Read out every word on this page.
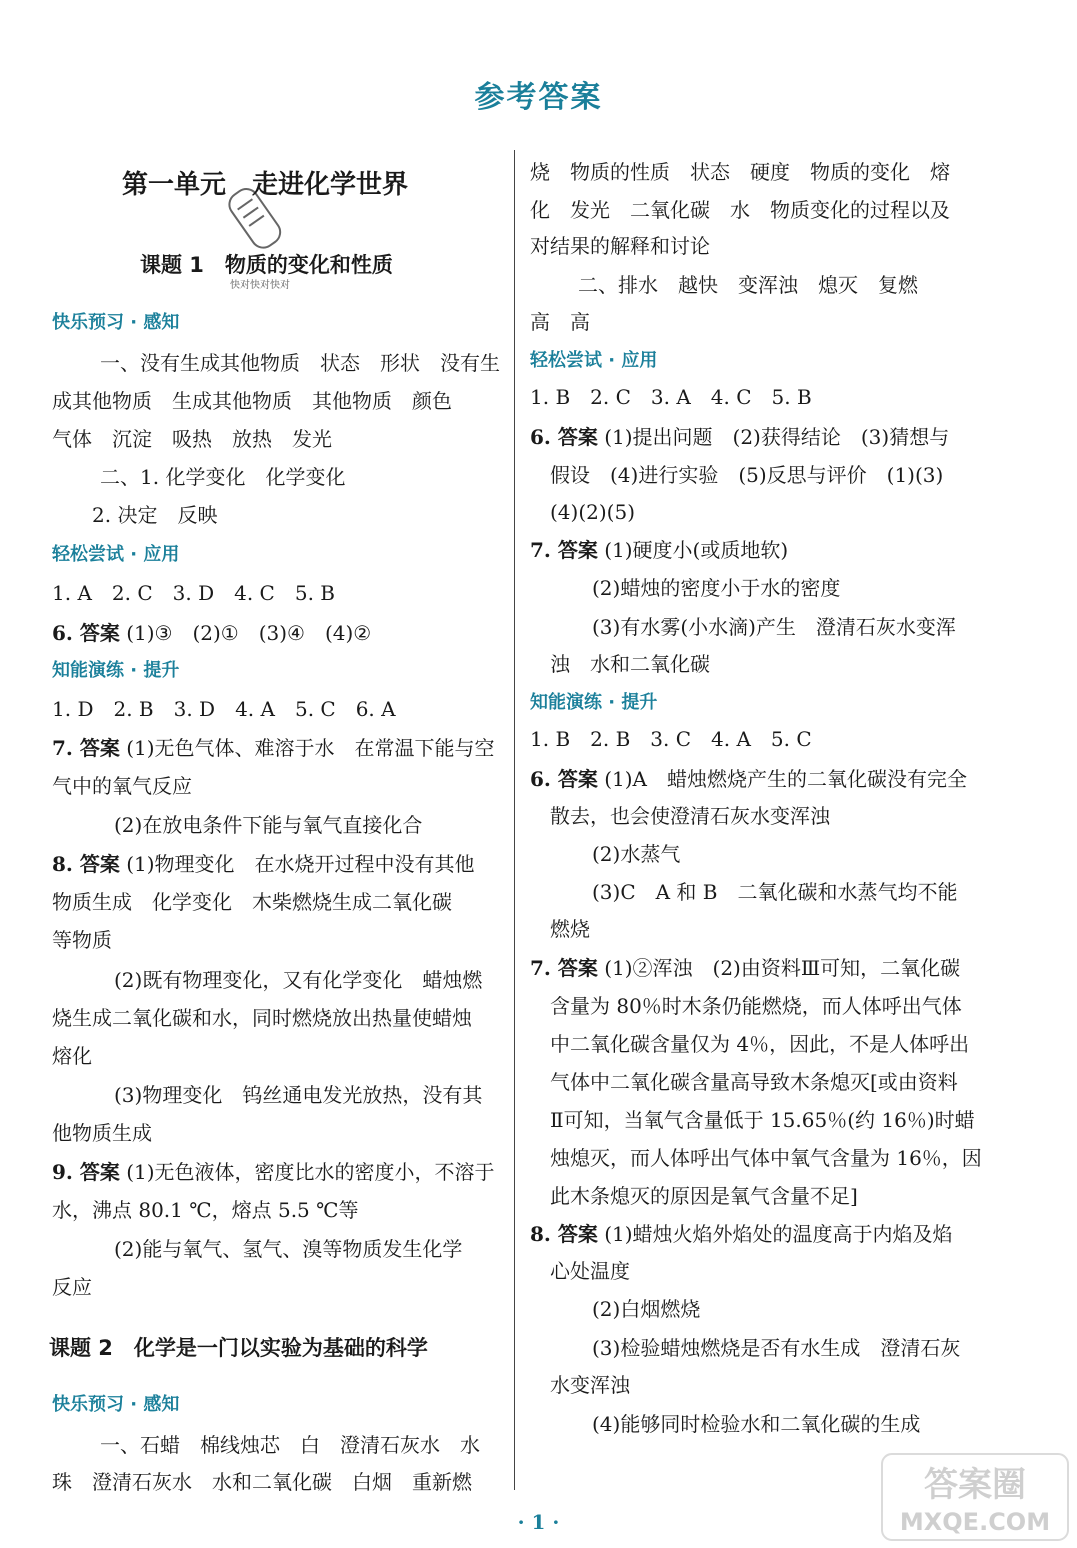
参考答案
第一单元　走进化学世界
课题 1　物质的变化和性质
快对快对快对
快乐预习 · 感知
一、没有生成其他物质　状态　形状　没有生
成其他物质　生成其他物质　其他物质　颜色
气体　沉淀　吸热　放热　发光
二、1. 化学变化　化学变化
2. 决定　反映
轻松尝试 · 应用
1. A　2. C　3. D　4. C　5. B
6. 答案 (1)③　(2)①　(3)④　(4)②
知能演练 · 提升
1. D　2. B　3. D　4. A　5. C　6. A
7. 答案 (1)无色气体、难溶于水　在常温下能与空
气中的氧气反应
(2)在放电条件下能与氧气直接化合
8. 答案 (1)物理变化　在水烧开过程中没有其他
物质生成　化学变化　木柴燃烧生成二氧化碳
等物质
(2)既有物理变化，又有化学变化　蜡烛燃
烧生成二氧化碳和水，同时燃烧放出热量使蜡烛
熔化
(3)物理变化　钨丝通电发光放热，没有其
他物质生成
9. 答案 (1)无色液体，密度比水的密度小，不溶于
水，沸点 80.1 ℃，熔点 5.5 ℃等
(2)能与氧气、氢气、溴等物质发生化学
反应
课题 2　化学是一门以实验为基础的科学
快乐预习 · 感知
一、石蜡　棉线烛芯　白　澄清石灰水　水
珠　澄清石灰水　水和二氧化碳　白烟　重新燃
烧　物质的性质　状态　硬度　物质的变化　熔
化　发光　二氧化碳　水　物质变化的过程以及
对结果的解释和讨论
二、排水　越快　变浑浊　熄灭　复燃
高　高
轻松尝试 · 应用
1. B　2. C　3. A　4. C　5. B
6. 答案 (1)提出问题　(2)获得结论　(3)猜想与
假设　(4)进行实验　(5)反思与评价　(1)(3)
(4)(2)(5)
7. 答案 (1)硬度小(或质地软)
(2)蜡烛的密度小于水的密度
(3)有水雾(小水滴)产生　澄清石灰水变浑
浊　水和二氧化碳
知能演练 · 提升
1. B　2. B　3. C　4. A　5. C
6. 答案 (1)A　蜡烛燃烧产生的二氧化碳没有完全
散去，也会使澄清石灰水变浑浊
(2)水蒸气
(3)C　A 和 B　二氧化碳和水蒸气均不能
燃烧
7. 答案 (1)②浑浊　(2)由资料Ⅲ可知，二氧化碳
含量为 80％时木条仍能燃烧，而人体呼出气体
中二氧化碳含量仅为 4％，因此，不是人体呼出
气体中二氧化碳含量高导致木条熄灭[或由资料
Ⅱ可知，当氧气含量低于 15.65％(约 16％)时蜡
烛熄灭，而人体呼出气体中氧气含量为 16％，因
此木条熄灭的原因是氧气含量不足]
8. 答案 (1)蜡烛火焰外焰处的温度高于内焰及焰
心处温度
(2)白烟燃烧
(3)检验蜡烛燃烧是否有水生成　澄清石灰
水变浑浊
(4)能够同时检验水和二氧化碳的生成
· 1 ·
答案圈
MXQE.COM
